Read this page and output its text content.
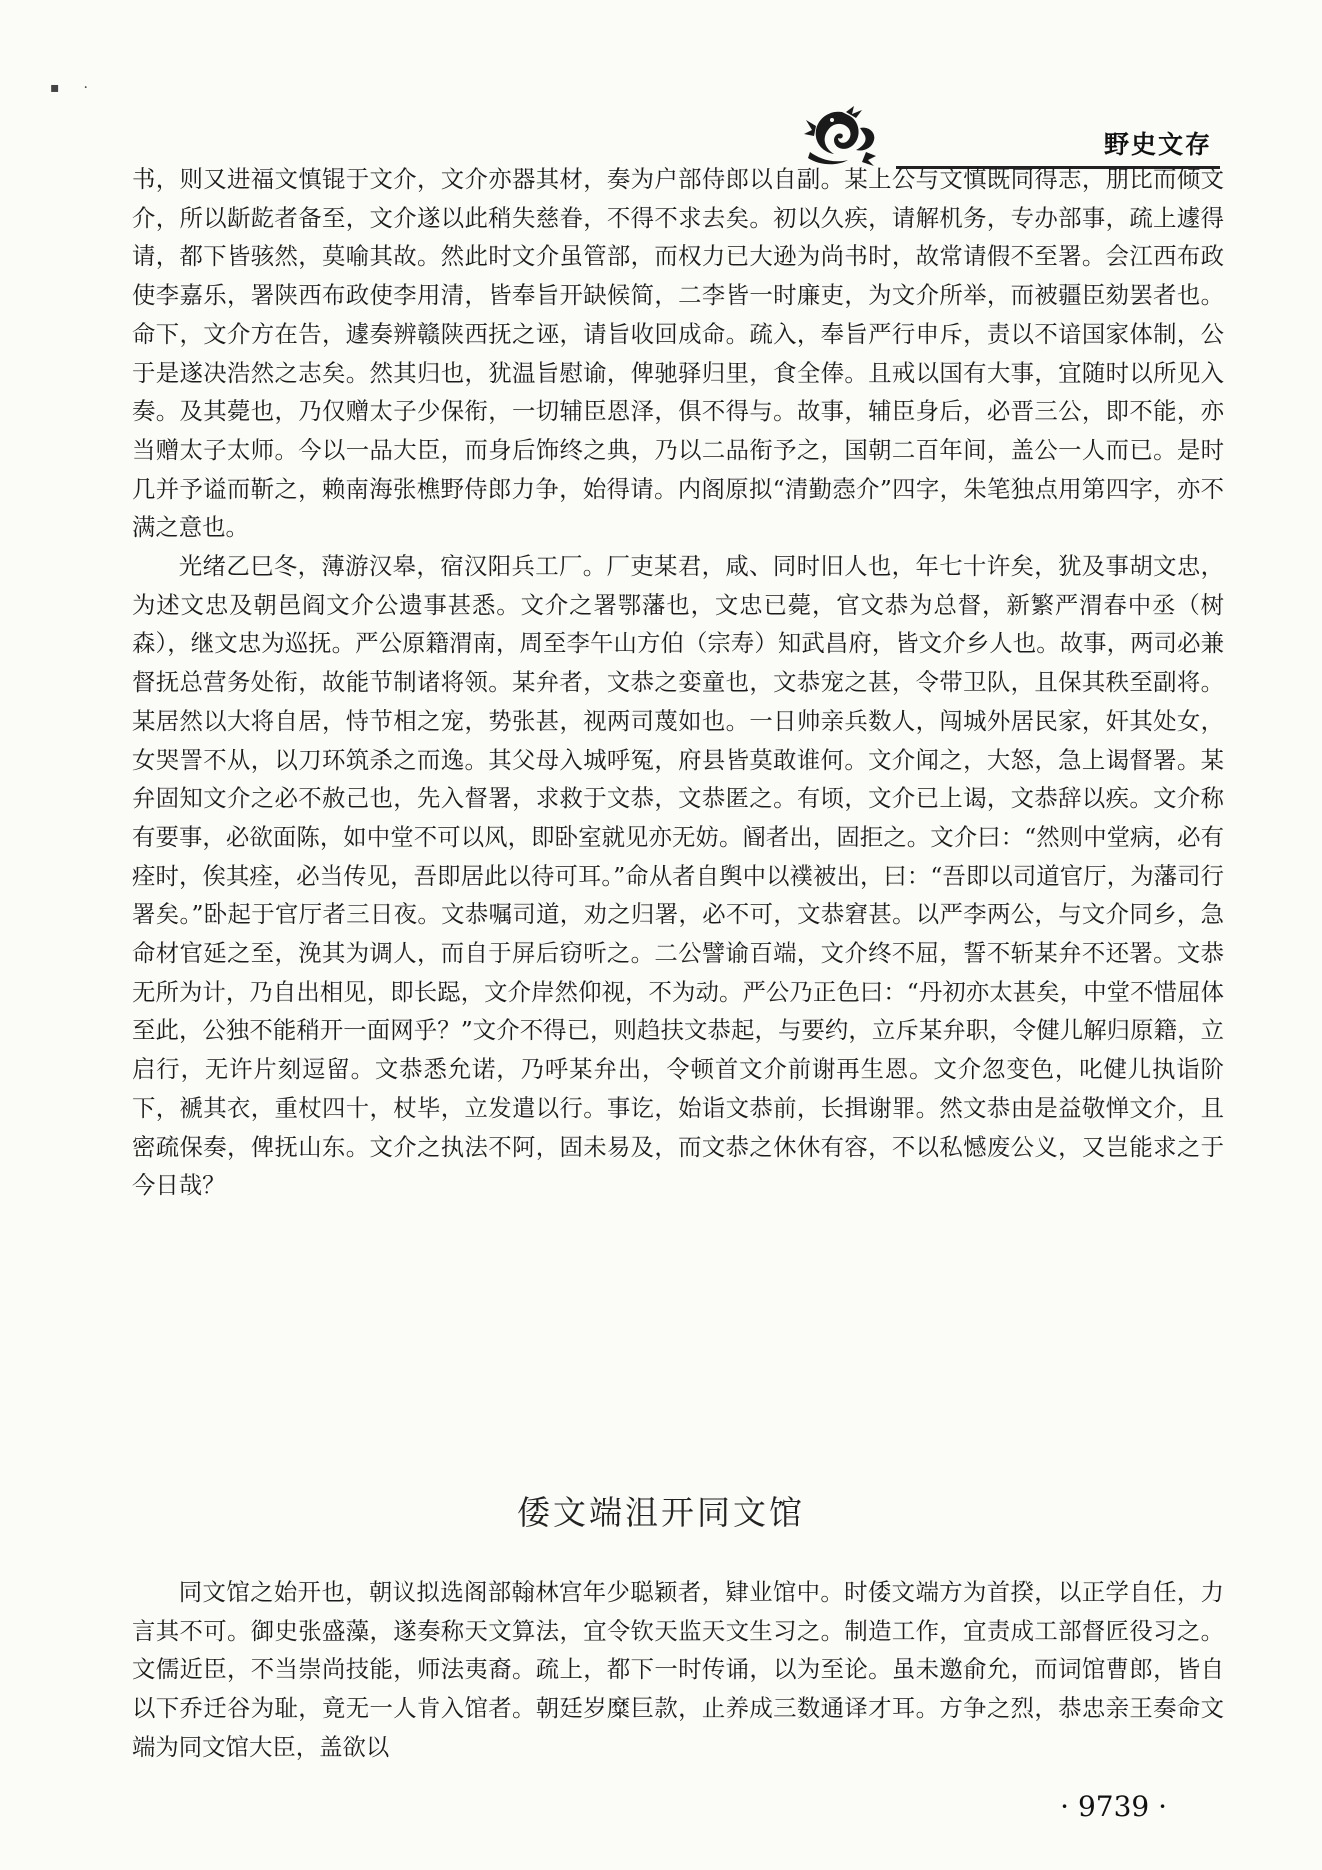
▪·
野史文存

书，则又进福文慎锟于文介，文介亦器其材，奏为户部侍郎以自副。某上公与文慎既同得志，朋比而倾文介，所以龂龁者备至，文介遂以此稍失慈眷，不得不求去矣。初以久疾，请解机务，专办部事，疏上遽得请，都下皆骇然，莫喻其故。然此时文介虽管部，而权力已大逊为尚书时，故常请假不至署。会江西布政使李嘉乐，署陕西布政使李用清，皆奉旨开缺候简，二李皆一时廉吏，为文介所举，而被疆臣劾罢者也。命下，文介方在告，遽奏辨赣陕西抚之诬，请旨收回成命。疏入，奉旨严行申斥，责以不谙国家体制，公于是遂决浩然之志矣。然其归也，犹温旨慰谕，俾驰驿归里，食全俸。且戒以国有大事，宜随时以所见入奏。及其薨也，乃仅赠太子少保衔，一切辅臣恩泽，俱不得与。故事，辅臣身后，必晋三公，即不能，亦当赠太子太师。今以一品大臣，而身后饰终之典，乃以二品衔予之，国朝二百年间，盖公一人而已。是时几并予谥而靳之，赖南海张樵野侍郎力争，始得请。内阁原拟“清勤悫介”四字，朱笔独点用第四字，亦不满之意也。

光绪乙巳冬，薄游汉皋，宿汉阳兵工厂。厂吏某君，咸、同时旧人也，年七十许矣，犹及事胡文忠，为述文忠及朝邑阎文介公遗事甚悉。文介之署鄂藩也，文忠已薨，官文恭为总督，新繁严渭春中丞（树森），继文忠为巡抚。严公原籍渭南，周至李午山方伯（宗寿）知武昌府，皆文介乡人也。故事，两司必兼督抚总营务处衔，故能节制诸将领。某弁者，文恭之娈童也，文恭宠之甚，令带卫队，且保其秩至副将。某居然以大将自居，恃节相之宠，势张甚，视两司蔑如也。一日帅亲兵数人，闯城外居民家，奸其处女，女哭詈不从，以刀环筑杀之而逸。其父母入城呼冤，府县皆莫敢谁何。文介闻之，大怒，急上谒督署。某弁固知文介之必不赦己也，先入督署，求救于文恭，文恭匿之。有顷，文介已上谒，文恭辞以疾。文介称有要事，必欲面陈，如中堂不可以风，即卧室就见亦无妨。阍者出，固拒之。文介曰：“然则中堂病，必有痊时，俟其痊，必当传见，吾即居此以待可耳。”命从者自舆中以襆被出，曰：“吾即以司道官厅，为藩司行署矣。”卧起于官厅者三日夜。文恭嘱司道，劝之归署，必不可，文恭窘甚。以严李两公，与文介同乡，急命材官延之至，浼其为调人，而自于屏后窃听之。二公譬谕百端，文介终不屈，誓不斩某弁不还署。文恭无所为计，乃自出相见，即长跽，文介岸然仰视，不为动。严公乃正色曰：“丹初亦太甚矣，中堂不惜屈体至此，公独不能稍开一面网乎？”文介不得已，则趋扶文恭起，与要约，立斥某弁职，令健儿解归原籍，立启行，无许片刻逗留。文恭悉允诺，乃呼某弁出，令顿首文介前谢再生恩。文介忽变色，叱健儿执诣阶下，褫其衣，重杖四十，杖毕，立发遣以行。事讫，始诣文恭前，长揖谢罪。然文恭由是益敬惮文介，且密疏保奏，俾抚山东。文介之执法不阿，固未易及，而文恭之休休有容，不以私憾废公义，又岂能求之于今日哉？

倭文端沮开同文馆

同文馆之始开也，朝议拟选阁部翰林宫年少聪颖者，肄业馆中。时倭文端方为首揆，以正学自任，力言其不可。御史张盛藻，遂奏称天文算法，宜令钦天监天文生习之。制造工作，宜责成工部督匠役习之。文儒近臣，不当崇尚技能，师法夷裔。疏上，都下一时传诵，以为至论。虽未邀俞允，而词馆曹郎，皆自以下乔迁谷为耻，竟无一人肯入馆者。朝廷岁糜巨款，止养成三数通译才耳。方争之烈，恭忠亲王奏命文端为同文馆大臣，盖欲以

· 9739 ·
